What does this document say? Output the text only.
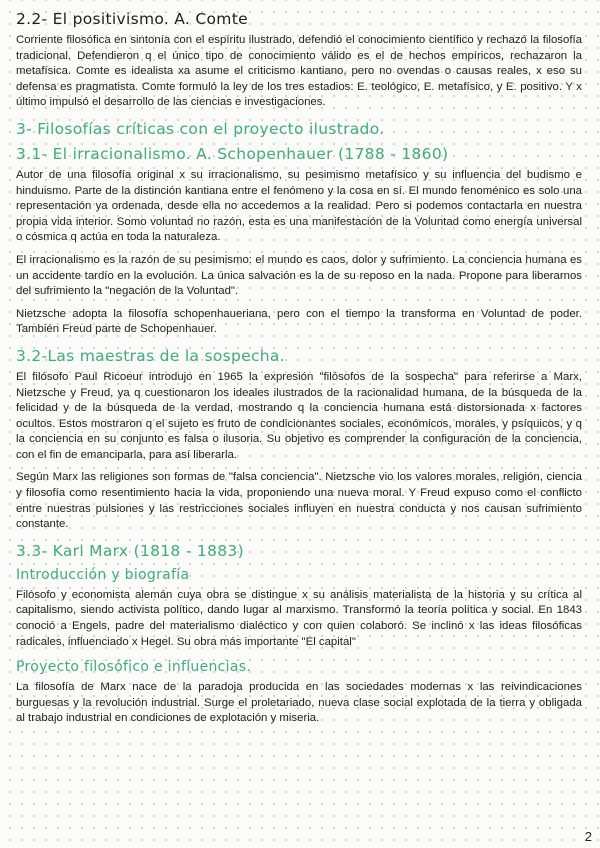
2.2- El positivismo. A. Comte

Corriente filosófica en sintonía con el espíritu ilustrado, defendió el conocimiento científico y rechazó la filosofía tradicional. Defendieron q el único tipo de conocimiento válido es el de hechos empíricos, rechazaron la metafísica. Comte es idealista xa asume el criticismo kantiano, pero no ovendas o causas reales, x eso su defensa es pragmatista. Comte formuló la ley de los tres estadios: E. teológico, E. metafísico, y E. positivo. Y x último impulsó el desarrollo de las ciencias e investigaciones.

3- Filosofías críticas con el proyecto ilustrado.
3.1- El irracionalismo. A. Schopenhauer (1788 - 1860)

Autor de una filosofía original x su irracionalismo, su pesimismo metafísico y su influencia del budismo e hinduismo. Parte de la distinción kantiana entre el fenómeno y la cosa en sí. El mundo fenoménico es solo una representación ya ordenada, desde ella no accedemos a la realidad. Pero si podemos contactarla en nuestra propia vida interior. Somo voluntad no razón, esta es una manifestación de la Voluntad como energía universal o cósmica q actúa en toda la naturaleza.

El irracionalismo es la razón de su pesimismo: el mundo es caos, dolor y sufrimiento. La conciencia humana es un accidente tardío en la evolución. La única salvación es la de su reposo en la nada. Propone para liberarnos del sufrimiento la "negación de la Voluntad".

Nietzsche adopta la filosofía schopenhaueriana, pero con el tiempo la transforma en Voluntad de poder. También Freud parte de Schopenhauer.

3.2-Las maestras de la sospecha.

El filósofo Paul Ricoeur introdujo en 1965 la expresión "filósofos de la sospecha" para referirse a Marx, Nietzsche y Freud, ya q cuestionaron los ideales ilustrados de la racionalidad humana, de la búsqueda de la felicidad y de la búsqueda de la verdad, mostrando q la conciencia humana está distorsionada x factores ocultos. Estos mostraron q el sujeto es fruto de condicionantes sociales, económicos, morales, y psíquicos, y q la conciencia en su conjunto es falsa o ilusoria. Su objetivo es comprender la configuración de la conciencia, con el fin de emanciparla, para así liberarla.

Según Marx las religiones son formas de "falsa conciencia". Nietzsche vio los valores morales, religión, ciencia y filosofía como resentimiento hacia la vida, proponiendo una nueva moral. Y Freud expuso como el conflicto entre nuestras pulsiones y las restricciones sociales influyen en nuestra conducta y nos causan sufrimiento constante.

3.3- Karl Marx (1818 - 1883)
Introducción y biografía

Filósofo y economista alemán cuya obra se distingue x su análisis materialista de la historia y su crítica al capitalismo, siendo activista político, dando lugar al marxismo. Transformó la teoría política y social. En 1843 conoció a Engels, padre del materialismo dialéctico y con quien colaboró. Se inclinó x las ideas filosóficas radicales, influenciado x Hegel. Su obra más importante "El capital"

Proyecto filosófico e influencias.

La filosofía de Marx nace de la paradoja producida en las sociedades modernas x las reivindicaciones burguesas y la revolución industrial. Surge el proletariado, nueva clase social explotada de la tierra y obligada al trabajo industrial en condiciones de explotación y miseria.

2
